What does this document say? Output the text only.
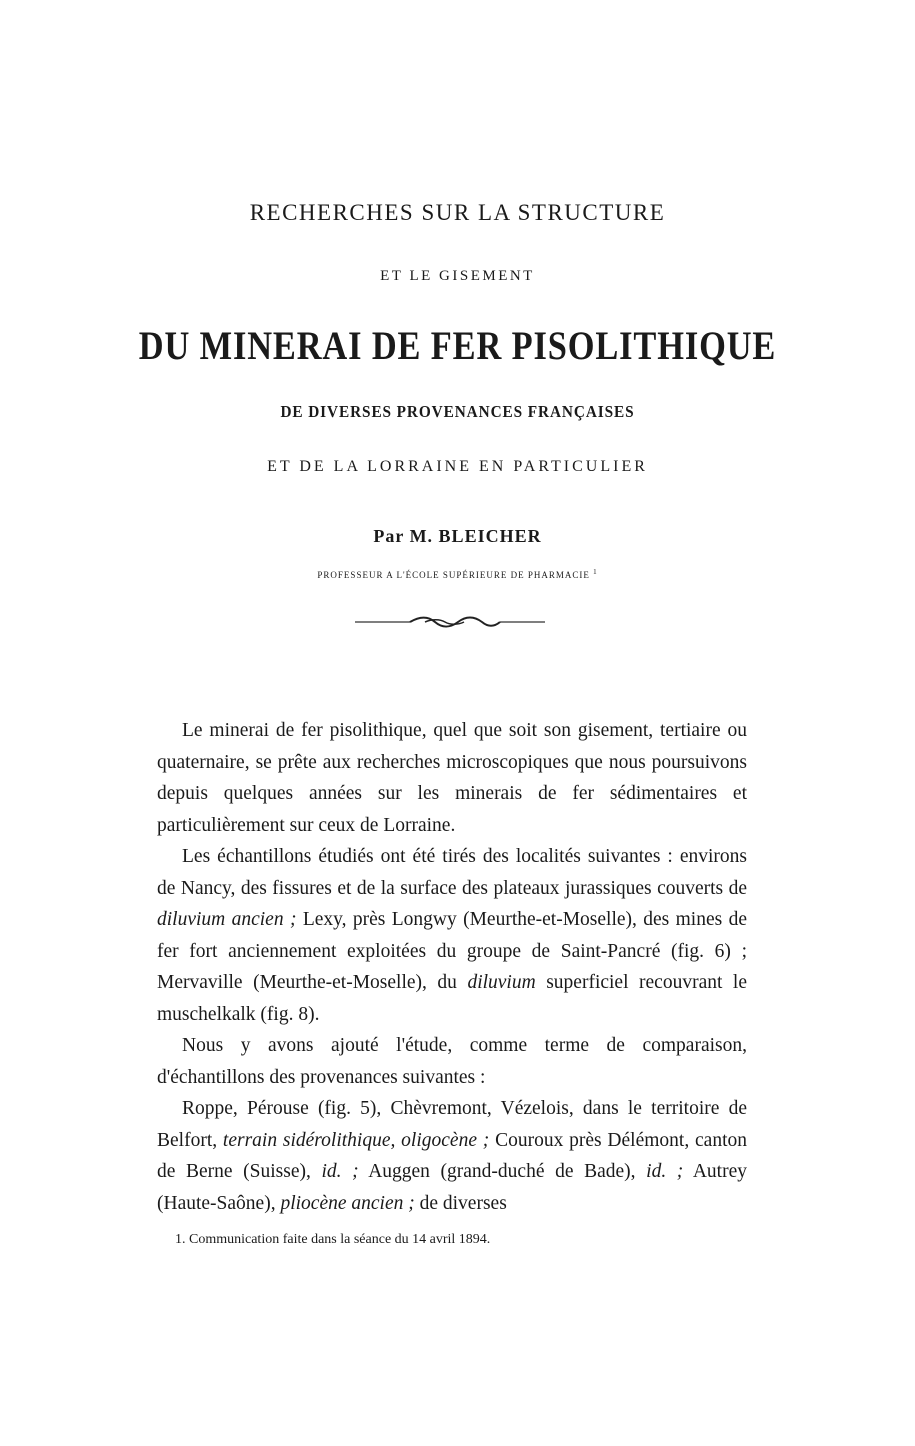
RECHERCHES SUR LA STRUCTURE
ET LE GISEMENT
DU MINERAI DE FER PISOLITHIQUE
DE DIVERSES PROVENANCES FRANÇAISES
ET DE LA LORRAINE EN PARTICULIER
Par M. BLEICHER
PROFESSEUR A L'ÉCOLE SUPÉRIEURE DE PHARMACIE $^1$

Le minerai de fer pisolithique, quel que soit son gisement, tertiaire ou quaternaire, se prête aux recherches microscopiques que nous poursuivons depuis quelques années sur les minerais de fer sédimentaires et particulièrement sur ceux de Lorraine.

Les échantillons étudiés ont été tirés des localités suivantes : environs de Nancy, des fissures et de la surface des plateaux jurassiques couverts de diluvium ancien ; Lexy, près Longwy (Meurthe-et-Moselle), des mines de fer fort anciennement exploitées du groupe de Saint-Pancré (fig. 6) ; Mervaville (Meurthe-et-Moselle), du diluvium superficiel recouvrant le muschelkalk (fig. 8).

Nous y avons ajouté l'étude, comme terme de comparaison, d'échantillons des provenances suivantes :

Roppe, Pérouse (fig. 5), Chèvremont, Vézelois, dans le territoire de Belfort, terrain sidérolithique, oligocène ; Couroux près Délémont, canton de Berne (Suisse), id. ; Auggen (grand-duché de Bade), id. ; Autrey (Haute-Saône), pliocène ancien ; de diverses

1. Communication faite dans la séance du 14 avril 1894.
